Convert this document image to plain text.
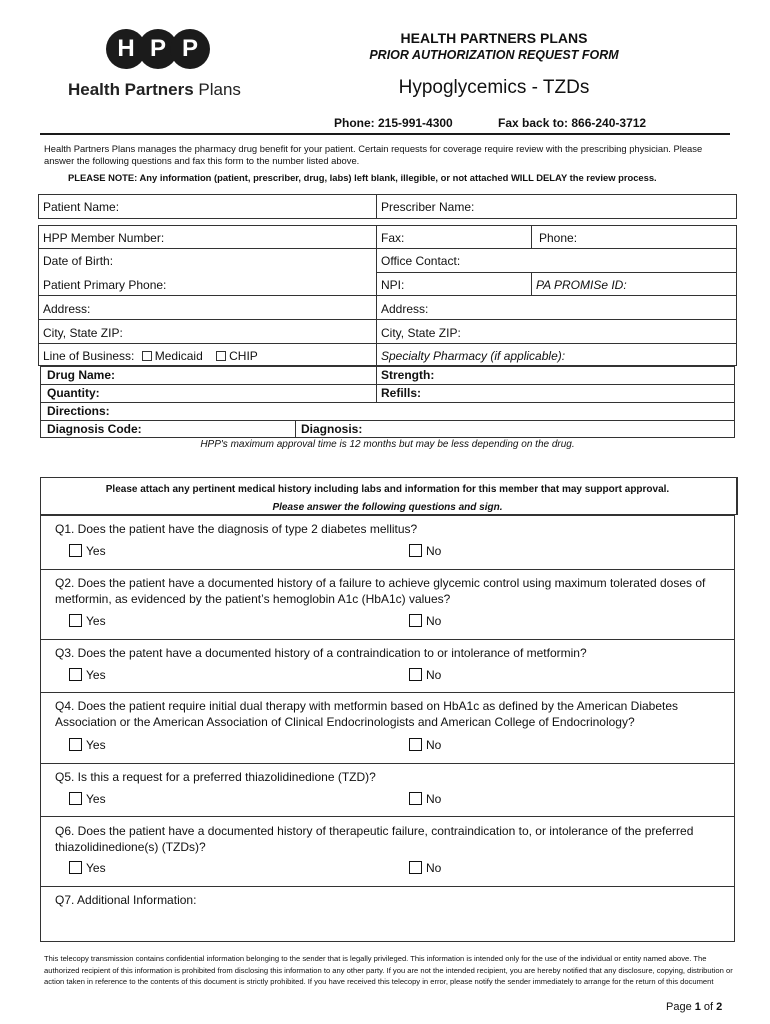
H P P
Health Partners Plans
HEALTH PARTNERS PLANS
PRIOR AUTHORIZATION REQUEST FORM
Hypoglycemics - TZDs
Phone: 215-991-4300	Fax back to: 866-240-3712
Health Partners Plans manages the pharmacy drug benefit for your patient. Certain requests for coverage require review with the prescribing physician. Please answer the following questions and fax this form to the number listed above.
PLEASE NOTE: Any information (patient, prescriber, drug, labs) left blank, illegible, or not attached WILL DELAY the review process.
Patient Name:	Prescriber Name:
HPP Member Number:	Fax:	Phone:
Date of Birth:	Office Contact:
Patient Primary Phone:	NPI:	PA PROMISe ID:
Address:	Address:
City, State ZIP:	City, State ZIP:
Line of Business: Medicaid CHIP	Specialty Pharmacy (if applicable):
Drug Name:	Strength:
Quantity:	Refills:
Directions:
Diagnosis Code:	Diagnosis:
HPP's maximum approval time is 12 months but may be less depending on the drug.
Please attach any pertinent medical history including labs and information for this member that may support approval.
Please answer the following questions and sign.
Q1. Does the patient have the diagnosis of type 2 diabetes mellitus?
Yes	No
Q2. Does the patient have a documented history of a failure to achieve glycemic control using maximum tolerated doses of metformin, as evidenced by the patient’s hemoglobin A1c (HbA1c) values?
Yes	No
Q3. Does the patent have a documented history of a contraindication to or intolerance of metformin?
Yes	No
Q4. Does the patient require initial dual therapy with metformin based on HbA1c as defined by the American Diabetes Association or the American Association of Clinical Endocrinologists and American College of Endocrinology?
Yes	No
Q5. Is this a request for a preferred thiazolidinedione (TZD)?
Yes	No
Q6. Does the patient have a documented history of therapeutic failure, contraindication to, or intolerance of the preferred thiazolidinedione(s) (TZDs)?
Yes	No
Q7. Additional Information:
This telecopy transmission contains confidential information belonging to the sender that is legally privileged. This information is intended only for the use of the individual or entity named above. The authorized recipient of this information is prohibited from disclosing this information to any other party. If you are not the intended recipient, you are hereby notified that any disclosure, copying, distribution or action taken in reference to the contents of this document is strictly prohibited. If you have received this telecopy in error, please notify the sender immediately to arrange for the return of this document
Page 1 of 2
